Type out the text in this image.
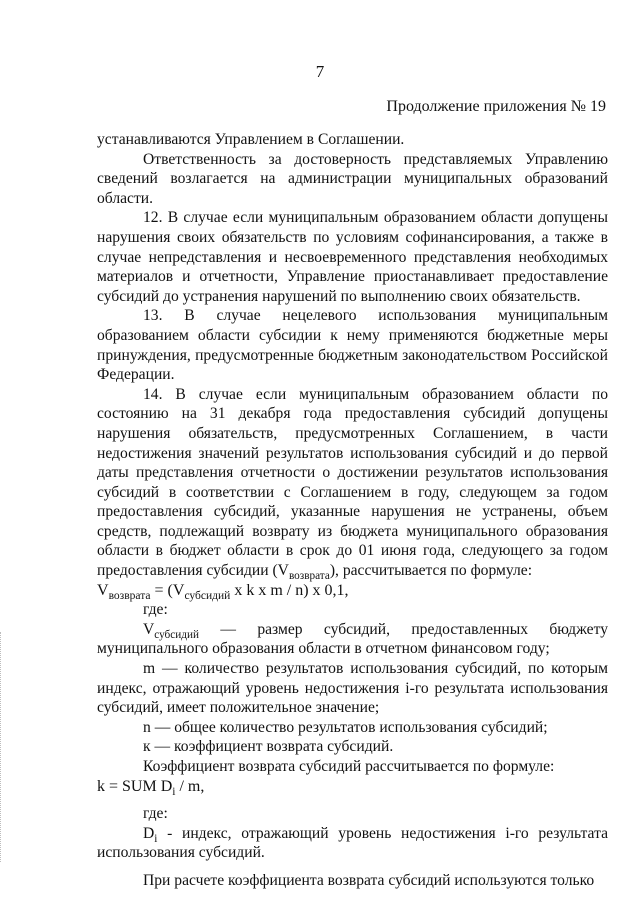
7
Продолжение приложения № 19

устанавливаются Управлением в Соглашении.

Ответственность за достоверность представляемых Управлению сведений возлагается на администрации муниципальных образований области.

12. В случае если муниципальным образованием области допущены нарушения своих обязательств по условиям софинансирования, а также в случае непредставления и несвоевременного представления необходимых материалов и отчетности, Управление приостанавливает предоставление субсидий до устранения нарушений по выполнению своих обязательств.

13. В случае нецелевого использования муниципальным образованием области субсидии к нему применяются бюджетные меры принуждения, предусмотренные бюджетным законодательством Российской Федерации.

14. В случае если муниципальным образованием области по состоянию на 31 декабря года предоставления субсидий допущены нарушения обязательств, предусмотренных Соглашением, в части недостижения значений результатов использования субсидий и до первой даты представления отчетности о достижении результатов использования субсидий в соответствии с Соглашением в году, следующем за годом предоставления субсидий, указанные нарушения не устранены, объем средств, подлежащий возврату из бюджета муниципального образования области в бюджет области в срок до 01 июня года, следующего за годом предоставления субсидии $(V_{возврата})$, рассчитывается по формуле:

$V_{возврата} = (V_{субсидий}$ x k x m / n) x 0,1,

где:

$V_{субсидий}$ — размер субсидий, предоставленных бюджету муниципального образования области в отчетном финансовом году;

m — количество результатов использования субсидий, по которым индекс, отражающий уровень недостижения i-го результата использования субсидий, имеет положительное значение;

n — общее количество результатов использования субсидий;

к — коэффициент возврата субсидий.

Коэффициент возврата субсидий рассчитывается по формуле:

k = SUM $D_i$ / m,

где:

$D_i$ - индекс, отражающий уровень недостижения i-го результата использования субсидий.

При расчете коэффициента возврата субсидий используются только
